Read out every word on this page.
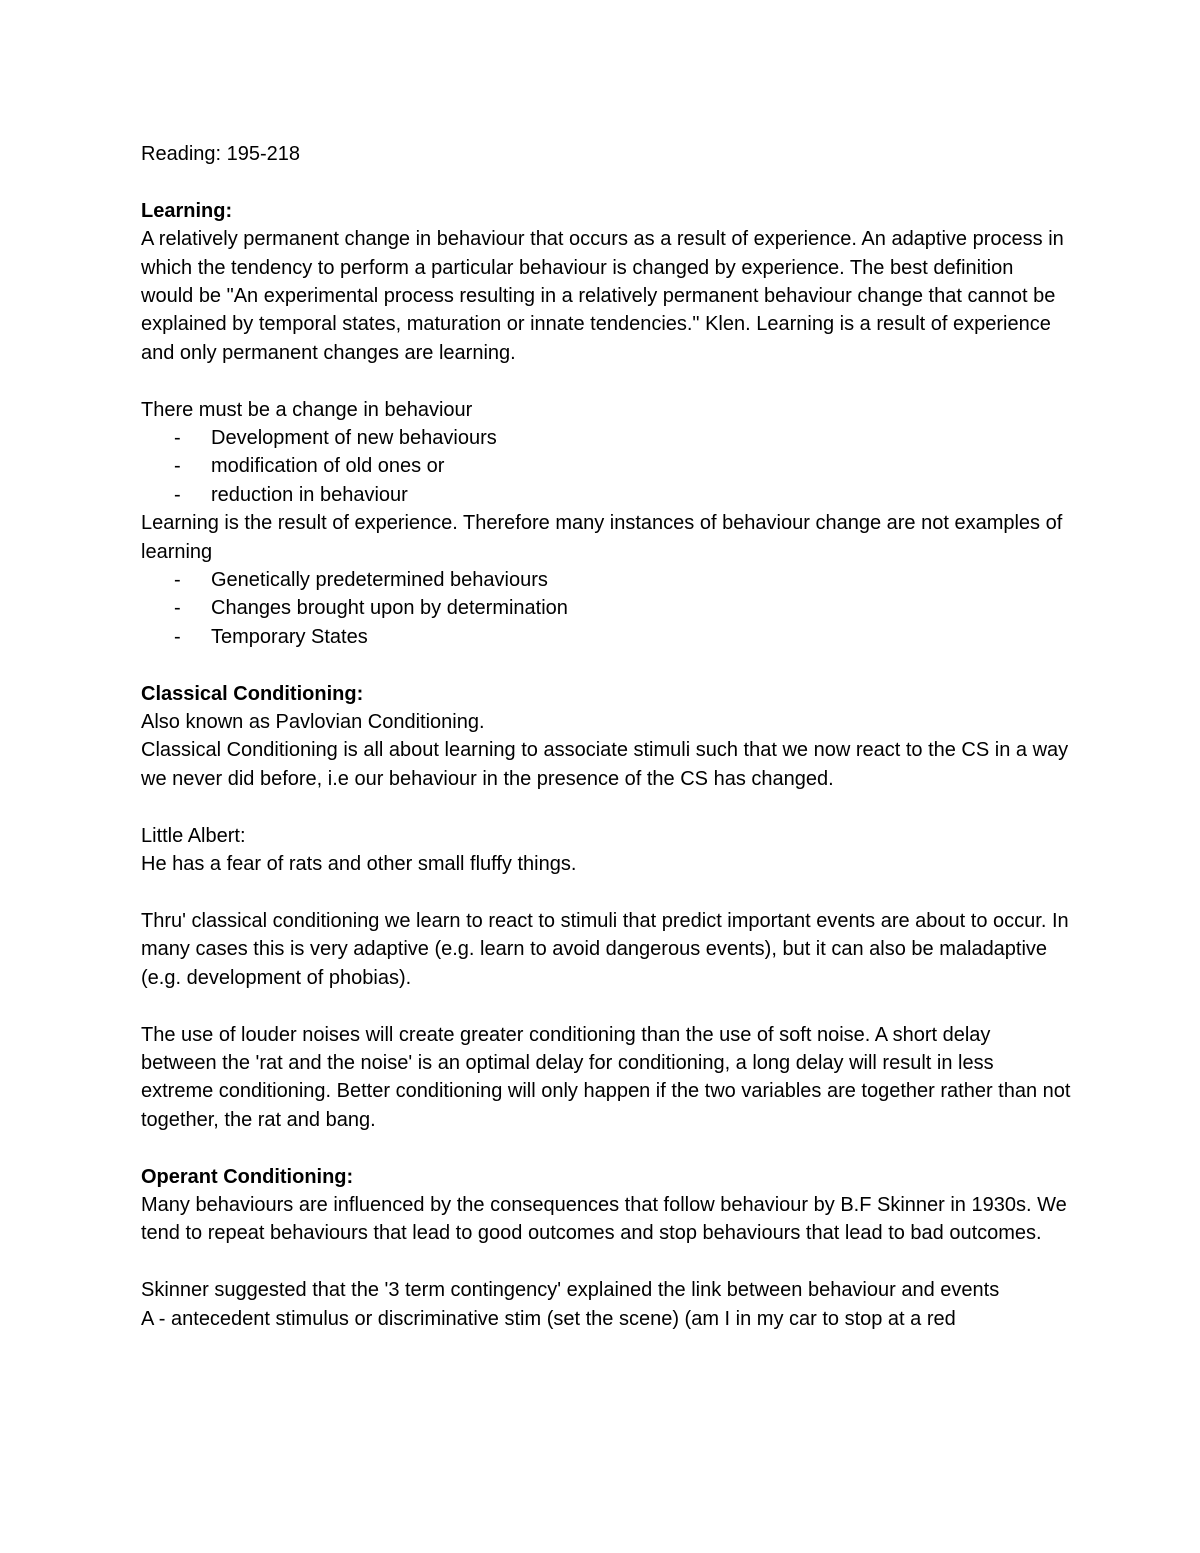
Reading: 195-218

Learning:

A relatively permanent change in behaviour that occurs as a result of experience. An adaptive process in which the tendency to perform a particular behaviour is changed by experience. The best definition would be "An experimental process resulting in a relatively permanent behaviour change that cannot be explained by temporal states, maturation or innate tendencies." Klen. Learning is a result of experience and only permanent changes are learning.

There must be a change in behaviour

- Development of new behaviours
- modification of old ones or
- reduction in behaviour

Learning is the result of experience. Therefore many instances of behaviour change are not examples of learning

- Genetically predetermined behaviours
- Changes brought upon by determination
- Temporary States

Classical Conditioning:

Also known as Pavlovian Conditioning.

Classical Conditioning is all about learning to associate stimuli such that we now react to the CS in a way we never did before, i.e our behaviour in the presence of the CS has changed.

Little Albert:

He has a fear of rats and other small fluffy things.

Thru' classical conditioning we learn to react to stimuli that predict important events are about to occur. In many cases this is very adaptive (e.g. learn to avoid dangerous events), but it can also be maladaptive (e.g. development of phobias).

The use of louder noises will create greater conditioning than the use of soft noise. A short delay between the 'rat and the noise' is an optimal delay for conditioning, a long delay will result in less extreme conditioning. Better conditioning will only happen if the two variables are together rather than not together, the rat and bang.

Operant Conditioning:

Many behaviours are influenced by the consequences that follow behaviour by B.F Skinner in 1930s. We tend to repeat behaviours that lead to good outcomes and stop behaviours that lead to bad outcomes.

Skinner suggested that the '3 term contingency' explained the link between behaviour and events

A - antecedent stimulus or discriminative stim (set the scene) (am I in my car to stop at a red
